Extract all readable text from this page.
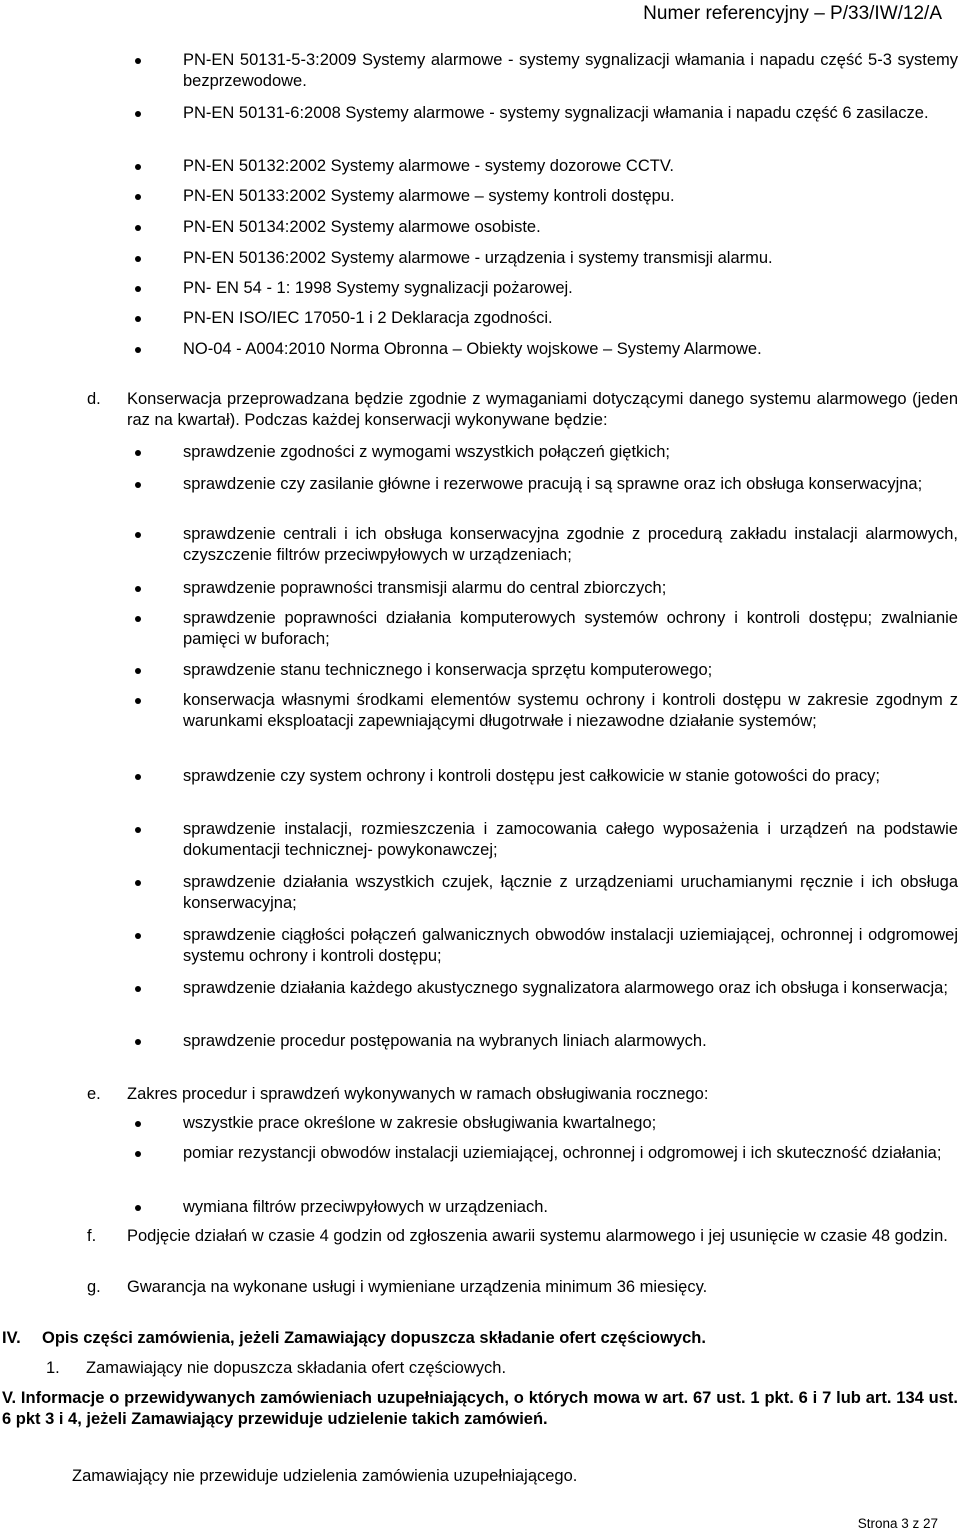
Numer referencyjny – P/33/IW/12/A
PN-EN 50131-5-3:2009 Systemy alarmowe - systemy sygnalizacji włamania i napadu część 5-3 systemy bezprzewodowe.
PN-EN 50131-6:2008 Systemy alarmowe - systemy sygnalizacji włamania i napadu część 6 zasilacze.
PN-EN 50132:2002 Systemy alarmowe - systemy dozorowe CCTV.
PN-EN 50133:2002 Systemy alarmowe – systemy kontroli dostępu.
PN-EN 50134:2002 Systemy alarmowe osobiste.
PN-EN 50136:2002 Systemy alarmowe - urządzenia i systemy transmisji alarmu.
PN- EN 54 - 1: 1998 Systemy sygnalizacji pożarowej.
PN-EN ISO/IEC 17050-1 i 2 Deklaracja zgodności.
NO-04 - A004:2010 Norma Obronna – Obiekty wojskowe – Systemy Alarmowe.
d. Konserwacja przeprowadzana będzie zgodnie z wymaganiami dotyczącymi danego systemu alarmowego (jeden raz na kwartał). Podczas każdej konserwacji wykonywane będzie:
sprawdzenie zgodności z wymogami wszystkich połączeń giętkich;
sprawdzenie czy zasilanie główne i rezerwowe pracują i są sprawne oraz ich obsługa konserwacyjna;
sprawdzenie centrali i ich obsługa konserwacyjna zgodnie z procedurą zakładu instalacji alarmowych, czyszczenie filtrów przeciwpyłowych w urządzeniach;
sprawdzenie poprawności transmisji alarmu do central zbiorczych;
sprawdzenie poprawności działania komputerowych systemów ochrony i kontroli dostępu; zwalnianie pamięci w buforach;
sprawdzenie stanu technicznego i konserwacja sprzętu komputerowego;
konserwacja własnymi środkami elementów systemu ochrony i kontroli dostępu w zakresie zgodnym z warunkami eksploatacji zapewniającymi długotrwałe i niezawodne działanie systemów;
sprawdzenie czy system ochrony i kontroli dostępu jest całkowicie w stanie gotowości do pracy;
sprawdzenie instalacji, rozmieszczenia i zamocowania całego wyposażenia i urządzeń na podstawie dokumentacji technicznej- powykonawczej;
sprawdzenie działania wszystkich czujek, łącznie z urządzeniami uruchamianymi ręcznie i ich obsługa konserwacyjna;
sprawdzenie ciągłości połączeń galwanicznych obwodów instalacji uziemiającej, ochronnej i odgromowej systemu ochrony i kontroli dostępu;
sprawdzenie działania każdego akustycznego sygnalizatora alarmowego oraz ich obsługa i konserwacja;
sprawdzenie procedur postępowania na wybranych liniach alarmowych.
e. Zakres procedur i sprawdzeń wykonywanych w ramach obsługiwania rocznego:
wszystkie prace określone w zakresie obsługiwania kwartalnego;
pomiar rezystancji obwodów instalacji uziemiającej, ochronnej i odgromowej i ich skuteczność działania;
wymiana filtrów przeciwpyłowych w urządzeniach.
f. Podjęcie działań w czasie 4 godzin od zgłoszenia awarii systemu alarmowego i jej usunięcie w czasie 48 godzin.
g. Gwarancja na wykonane usługi i wymieniane urządzenia minimum 36 miesięcy.
IV. Opis części zamówienia, jeżeli Zamawiający dopuszcza składanie ofert częściowych.
1. Zamawiający nie dopuszcza składania ofert częściowych.
V. Informacje o przewidywanych zamówieniach uzupełniających, o których mowa w art. 67 ust. 1 pkt. 6 i 7 lub art. 134 ust. 6 pkt 3 i 4, jeżeli Zamawiający przewiduje udzielenie takich zamówień.
Zamawiający nie przewiduje udzielenia zamówienia uzupełniającego.
Strona 3 z 27
